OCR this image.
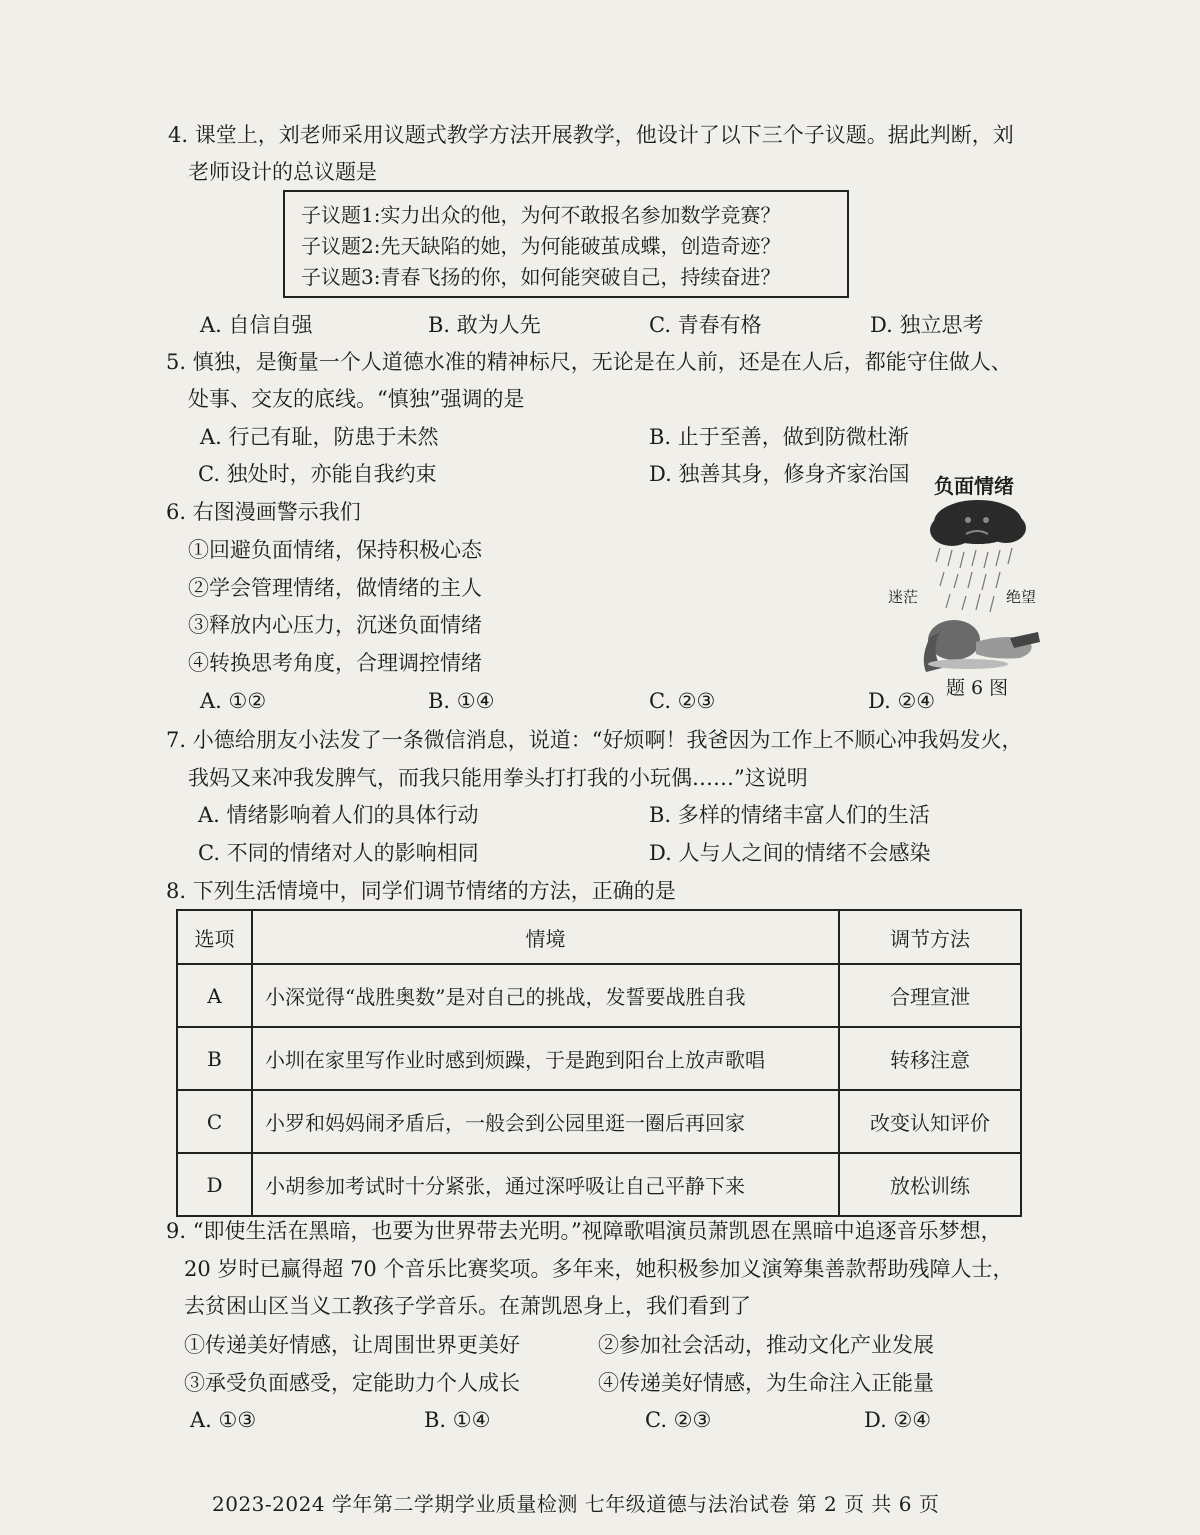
4. 课堂上，刘老师采用议题式教学方法开展教学，他设计了以下三个子议题。据此判断，刘
老师设计的总议题是
子议题1:实力出众的他，为何不敢报名参加数学竞赛？
子议题2:先天缺陷的她，为何能破茧成蝶，创造奇迹？
子议题3:青春飞扬的你，如何能突破自己，持续奋进？
A. 自信自强	B. 敢为人先	C. 青春有格	D. 独立思考
5. 慎独，是衡量一个人道德水准的精神标尺，无论是在人前，还是在人后，都能守住做人、
处事、交友的底线。“慎独”强调的是
A. 行己有耻，防患于未然	B. 止于至善，做到防微杜渐
C. 独处时，亦能自我约束	D. 独善其身，修身齐家治国
6. 右图漫画警示我们
①回避负面情绪，保持积极心态
②学会管理情绪，做情绪的主人
③释放内心压力，沉迷负面情绪
④转换思考角度，合理调控情绪
A. ①②	B. ①④	C. ②③	D. ②④
负面情绪
迷茫	绝望
题 6 图
7. 小德给朋友小法发了一条微信消息，说道：“好烦啊！我爸因为工作上不顺心冲我妈发火，
我妈又来冲我发脾气，而我只能用拳头打打我的小玩偶……”这说明
A. 情绪影响着人们的具体行动	B. 多样的情绪丰富人们的生活
C. 不同的情绪对人的影响相同	D. 人与人之间的情绪不会感染
8. 下列生活情境中，同学们调节情绪的方法，正确的是
选项	情境	调节方法
A	小深觉得“战胜奥数”是对自己的挑战，发誓要战胜自我	合理宣泄
B	小圳在家里写作业时感到烦躁，于是跑到阳台上放声歌唱	转移注意
C	小罗和妈妈闹矛盾后，一般会到公园里逛一圈后再回家	改变认知评价
D	小胡参加考试时十分紧张，通过深呼吸让自己平静下来	放松训练
9. “即使生活在黑暗，也要为世界带去光明。”视障歌唱演员萧凯恩在黑暗中追逐音乐梦想，
20 岁时已赢得超 70 个音乐比赛奖项。多年来，她积极参加义演筹集善款帮助残障人士，
去贫困山区当义工教孩子学音乐。在萧凯恩身上，我们看到了
①传递美好情感，让周围世界更美好	②参加社会活动，推动文化产业发展
③承受负面感受，定能助力个人成长	④传递美好情感，为生命注入正能量
A. ①③	B. ①④	C. ②③	D. ②④
2023-2024 学年第二学期学业质量检测 七年级道德与法治试卷 第 2 页 共 6 页
